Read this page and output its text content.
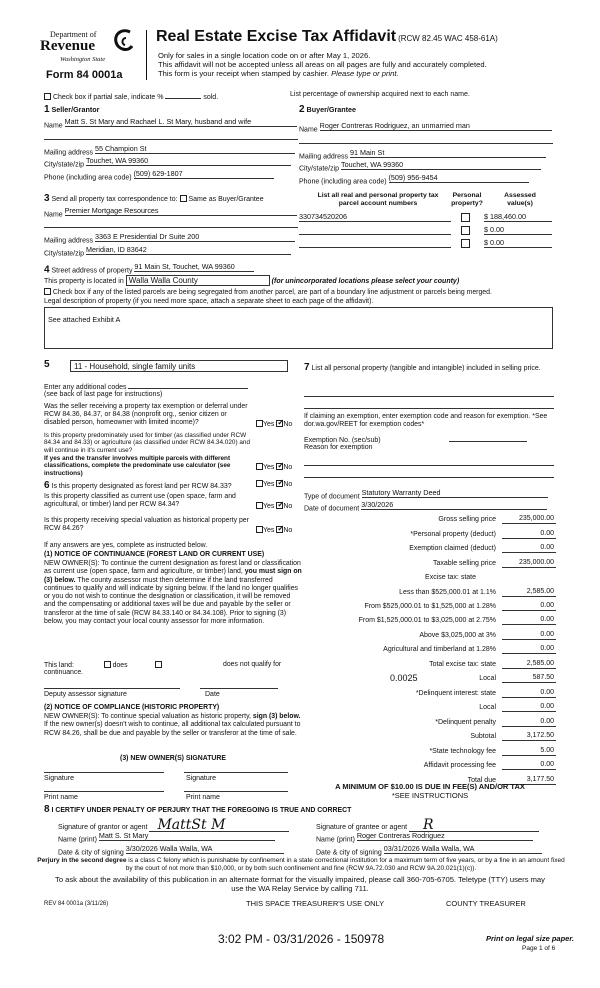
Department of
Revenue
Washington State
Form 84 0001a
Real Estate Excise Tax Affidavit (RCW 82.45 WAC 458-61A)
Only for sales in a single location code on or after May 1, 2026.
This affidavit will not be accepted unless all areas on all pages are fully and accurately completed.
This form is your receipt when stamped by cashier. Please type or print.
Check box if partial sale, indicate %	sold.	List percentage of ownership acquired next to each name.
1 Seller/Grantor
Name Matt S. St Mary and Rachael L. St Mary, husband and wife
Mailing address 55 Champion St
City/state/zip Touchet, WA 99360
Phone (including area code) (509) 629-1807
2 Buyer/Grantee
Name Roger Contreras Rodriguez, an unmarried man
Mailing address 91 Main St
City/state/zip Touchet, WA 99360
Phone (including area code) (509) 956-9454
3 Send all property tax correspondence to: Same as Buyer/Grantee
Name Premier Mortgage Resources
Mailing address 3363 E Presidential Dr Suite 200
City/state/zip Meridian, ID 83642
List all real and personal property tax parcel account numbers
Personal property?
Assessed value(s)
330734520206	$ 188,460.00
$ 0.00
$ 0.00
4 Street address of property 91 Main St, Touchet, WA 99360
This property is located in Walla Walla County	(for unincorporated locations please select your county)
Check box if any of the listed parcels are being segregated from another parcel, are part of a boundary line adjustment or parcels being merged.
Legal description of property (if you need more space, attach a separate sheet to each page of the affidavit).
See attached Exhibit A
5	11 - Household, single family units
Enter any additional codes
(see back of last page for instructions)
Was the seller receiving a property tax exemption or deferral under RCW 84.36, 84.37, or 84.38 (nonprofit org., senior citizen or disabled person, homeowner with limited income)?	Yes ✓ No
Is this property predominately used for timber (as classified under RCW 84.34 and 84.33) or agriculture (as classified under RCW 84.34.020) and will continue in it's current use?
If yes and the transfer involves multiple parcels with different classifications, complete the predominate use calculator (see instructions)
Yes ✓ No
6 Is this property designated as forest land per RCW 84.33?	Yes ✓ No
Is this property classified as current use (open space, farm and agricultural, or timber) land per RCW 84.34?	Yes ✓ No
Is this property receiving special valuation as historical property per RCW 84.26?	Yes ✓ No
If any answers are yes, complete as instructed below.
(1) NOTICE OF CONTINUANCE (FOREST LAND OR CURRENT USE)
NEW OWNER(S): To continue the current designation as forest land or classification as current use (open space, farm and agriculture, or timber) land, you must sign on (3) below. The county assessor must then determine if the land transferred continues to qualify and will indicate by signing below. If the land no longer qualifies or you do not wish to continue the designation or classification, it will be removed and the compensating or additional taxes will be due and payable by the seller or transferor at the time of sale (RCW 84.33.140 or 84.34.108). Prior to signing (3) below, you may contact your local county assessor for more information.
This land:	does	does not qualify for continuance.
Deputy assessor signature	Date
(2) NOTICE OF COMPLIANCE (HISTORIC PROPERTY)
NEW OWNER(S): To continue special valuation as historic property, sign (3) below. If the new owner(s) doesn't wish to continue, all additional tax calculated pursuant to RCW 84.26, shall be due and payable by the seller or transferor at the time of sale.
(3) NEW OWNER(S) SIGNATURE
Signature	Signature
Print name	Print name
7 List all personal property (tangible and intangible) included in selling price.
If claiming an exemption, enter exemption code and reason for exemption. *See dor.wa.gov/REET for exemption codes*
Exemption No. (sec/sub)
Reason for exemption
Type of document Statutory Warranty Deed
Date of document 3/30/2026
Gross selling price	235,000.00
*Personal property (deduct)	0.00
Exemption claimed (deduct)	0.00
Taxable selling price	235,000.00
Excise tax: state
Less than $525,000.01 at 1.1%	2,585.00
From $525,000.01 to $1,525,000 at 1.28%	0.00
From $1,525,000.01 to $3,025,000 at 2.75%	0.00
Above $3,025,000 at 3%	0.00
Agricultural and timberland at 1.28%	0.00
Total excise tax: state	2,585.00
0.0025	Local	587.50
*Delinquent interest: state	0.00
Local	0.00
*Delinquent penalty	0.00
Subtotal	3,172.50
*State technology fee	5.00
Affidavit processing fee	0.00
Total due	3,177.50
A MINIMUM OF $10.00 IS DUE IN FEE(S) AND/OR TAX
*SEE INSTRUCTIONS
8 I CERTIFY UNDER PENALTY OF PERJURY THAT THE FOREGOING IS TRUE AND CORRECT
Signature of grantor or agent MattSt M	Signature of grantee or agent R
Name (print) Matt S. St Mary	Name (print) Roger Contreras Rodriguez
Date & city of signing 3/30/2026 Walla Walla, WA	Date & city of signing 03/31/2026 Walla Walla, WA
Perjury in the second degree is a class C felony which is punishable by confinement in a state correctional institution for a maximum term of five years, or by a fine in an amount fixed by the court of not more than $10,000, or by both such confinement and fine (RCW 9A.72.030 and RCW 9A.20.021(1)(c)).
To ask about the availability of this publication in an alternate format for the visually impaired, please call 360-705-6705. Teletype (TTY) users may use the WA Relay Service by calling 711.
REV 84 0001a (3/11/26)	THIS SPACE TREASURER'S USE ONLY	COUNTY TREASURER
3:02 PM - 03/31/2026 - 150978	Print on legal size paper.
Page 1 of 6
